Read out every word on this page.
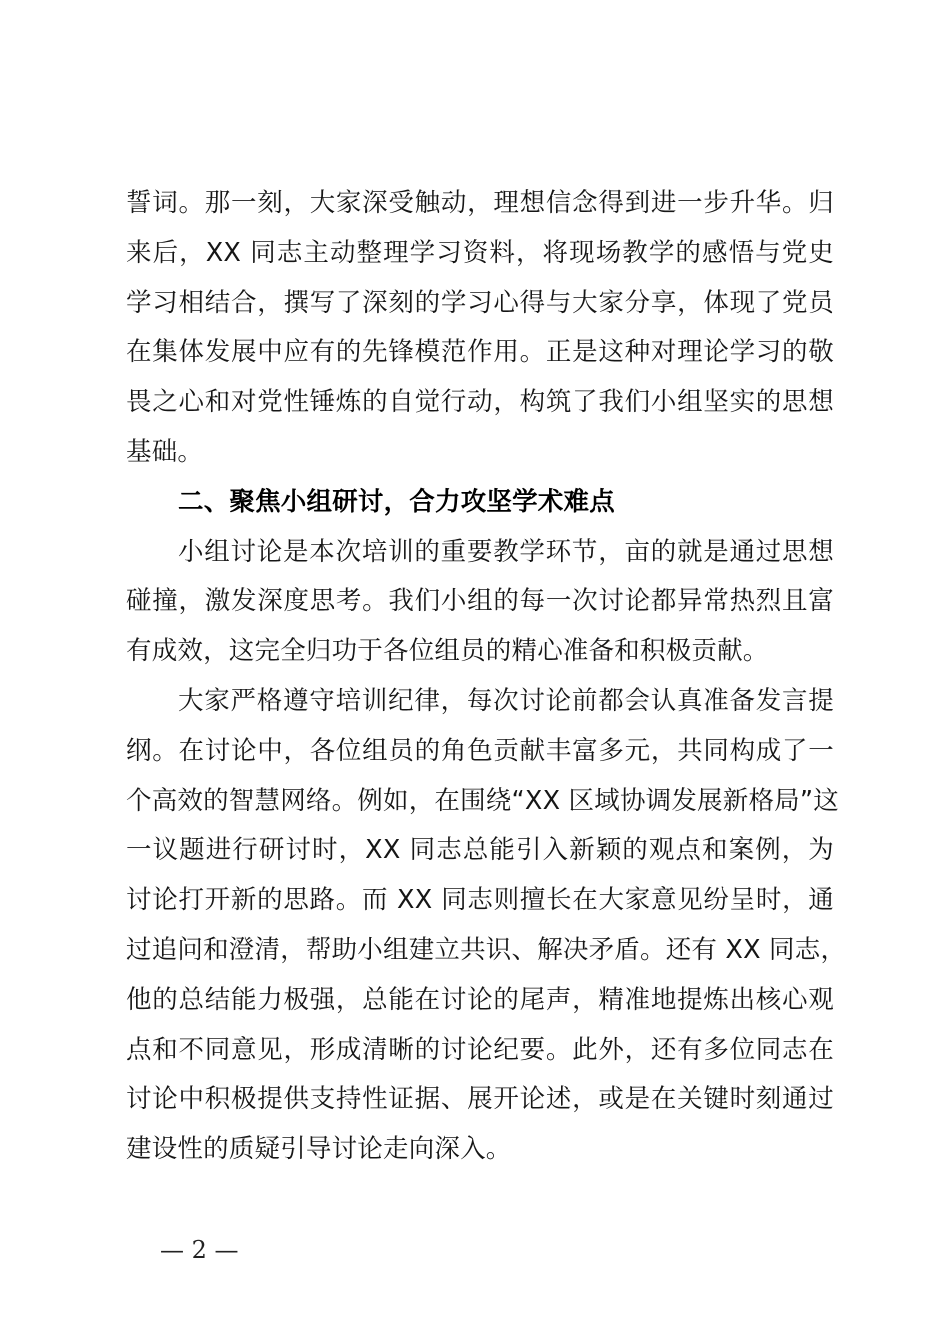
誓词。那一刻，大家深受触动，理想信念得到进一步升华。归
来后，XX 同志主动整理学习资料，将现场教学的感悟与党史
学习相结合，撰写了深刻的学习心得与大家分享，体现了党员
在集体发展中应有的先锋模范作用。正是这种对理论学习的敬
畏之心和对党性锤炼的自觉行动，构筑了我们小组坚实的思想
基础。
二、聚焦小组研讨，合力攻坚学术难点
小组讨论是本次培训的重要教学环节，亩的就是通过思想
碰撞，激发深度思考。我们小组的每一次讨论都异常热烈且富
有成效，这完全归功于各位组员的精心准备和积极贡献。
大家严格遵守培训纪律，每次讨论前都会认真准备发言提
纲。在讨论中，各位组员的角色贡献丰富多元，共同构成了一
个高效的智慧网络。例如，在围绕“XX 区域协调发展新格局”这
一议题进行研讨时，XX 同志总能引入新颖的观点和案例，为
讨论打开新的思路。而 XX 同志则擅长在大家意见纷呈时，通
过追问和澄清，帮助小组建立共识、解决矛盾。还有 XX 同志，
他的总结能力极强，总能在讨论的尾声，精准地提炼出核心观
点和不同意见，形成清晰的讨论纪要。此外，还有多位同志在
讨论中积极提供支持性证据、展开论述，或是在关键时刻通过
建设性的质疑引导讨论走向深入。
— 2 —
